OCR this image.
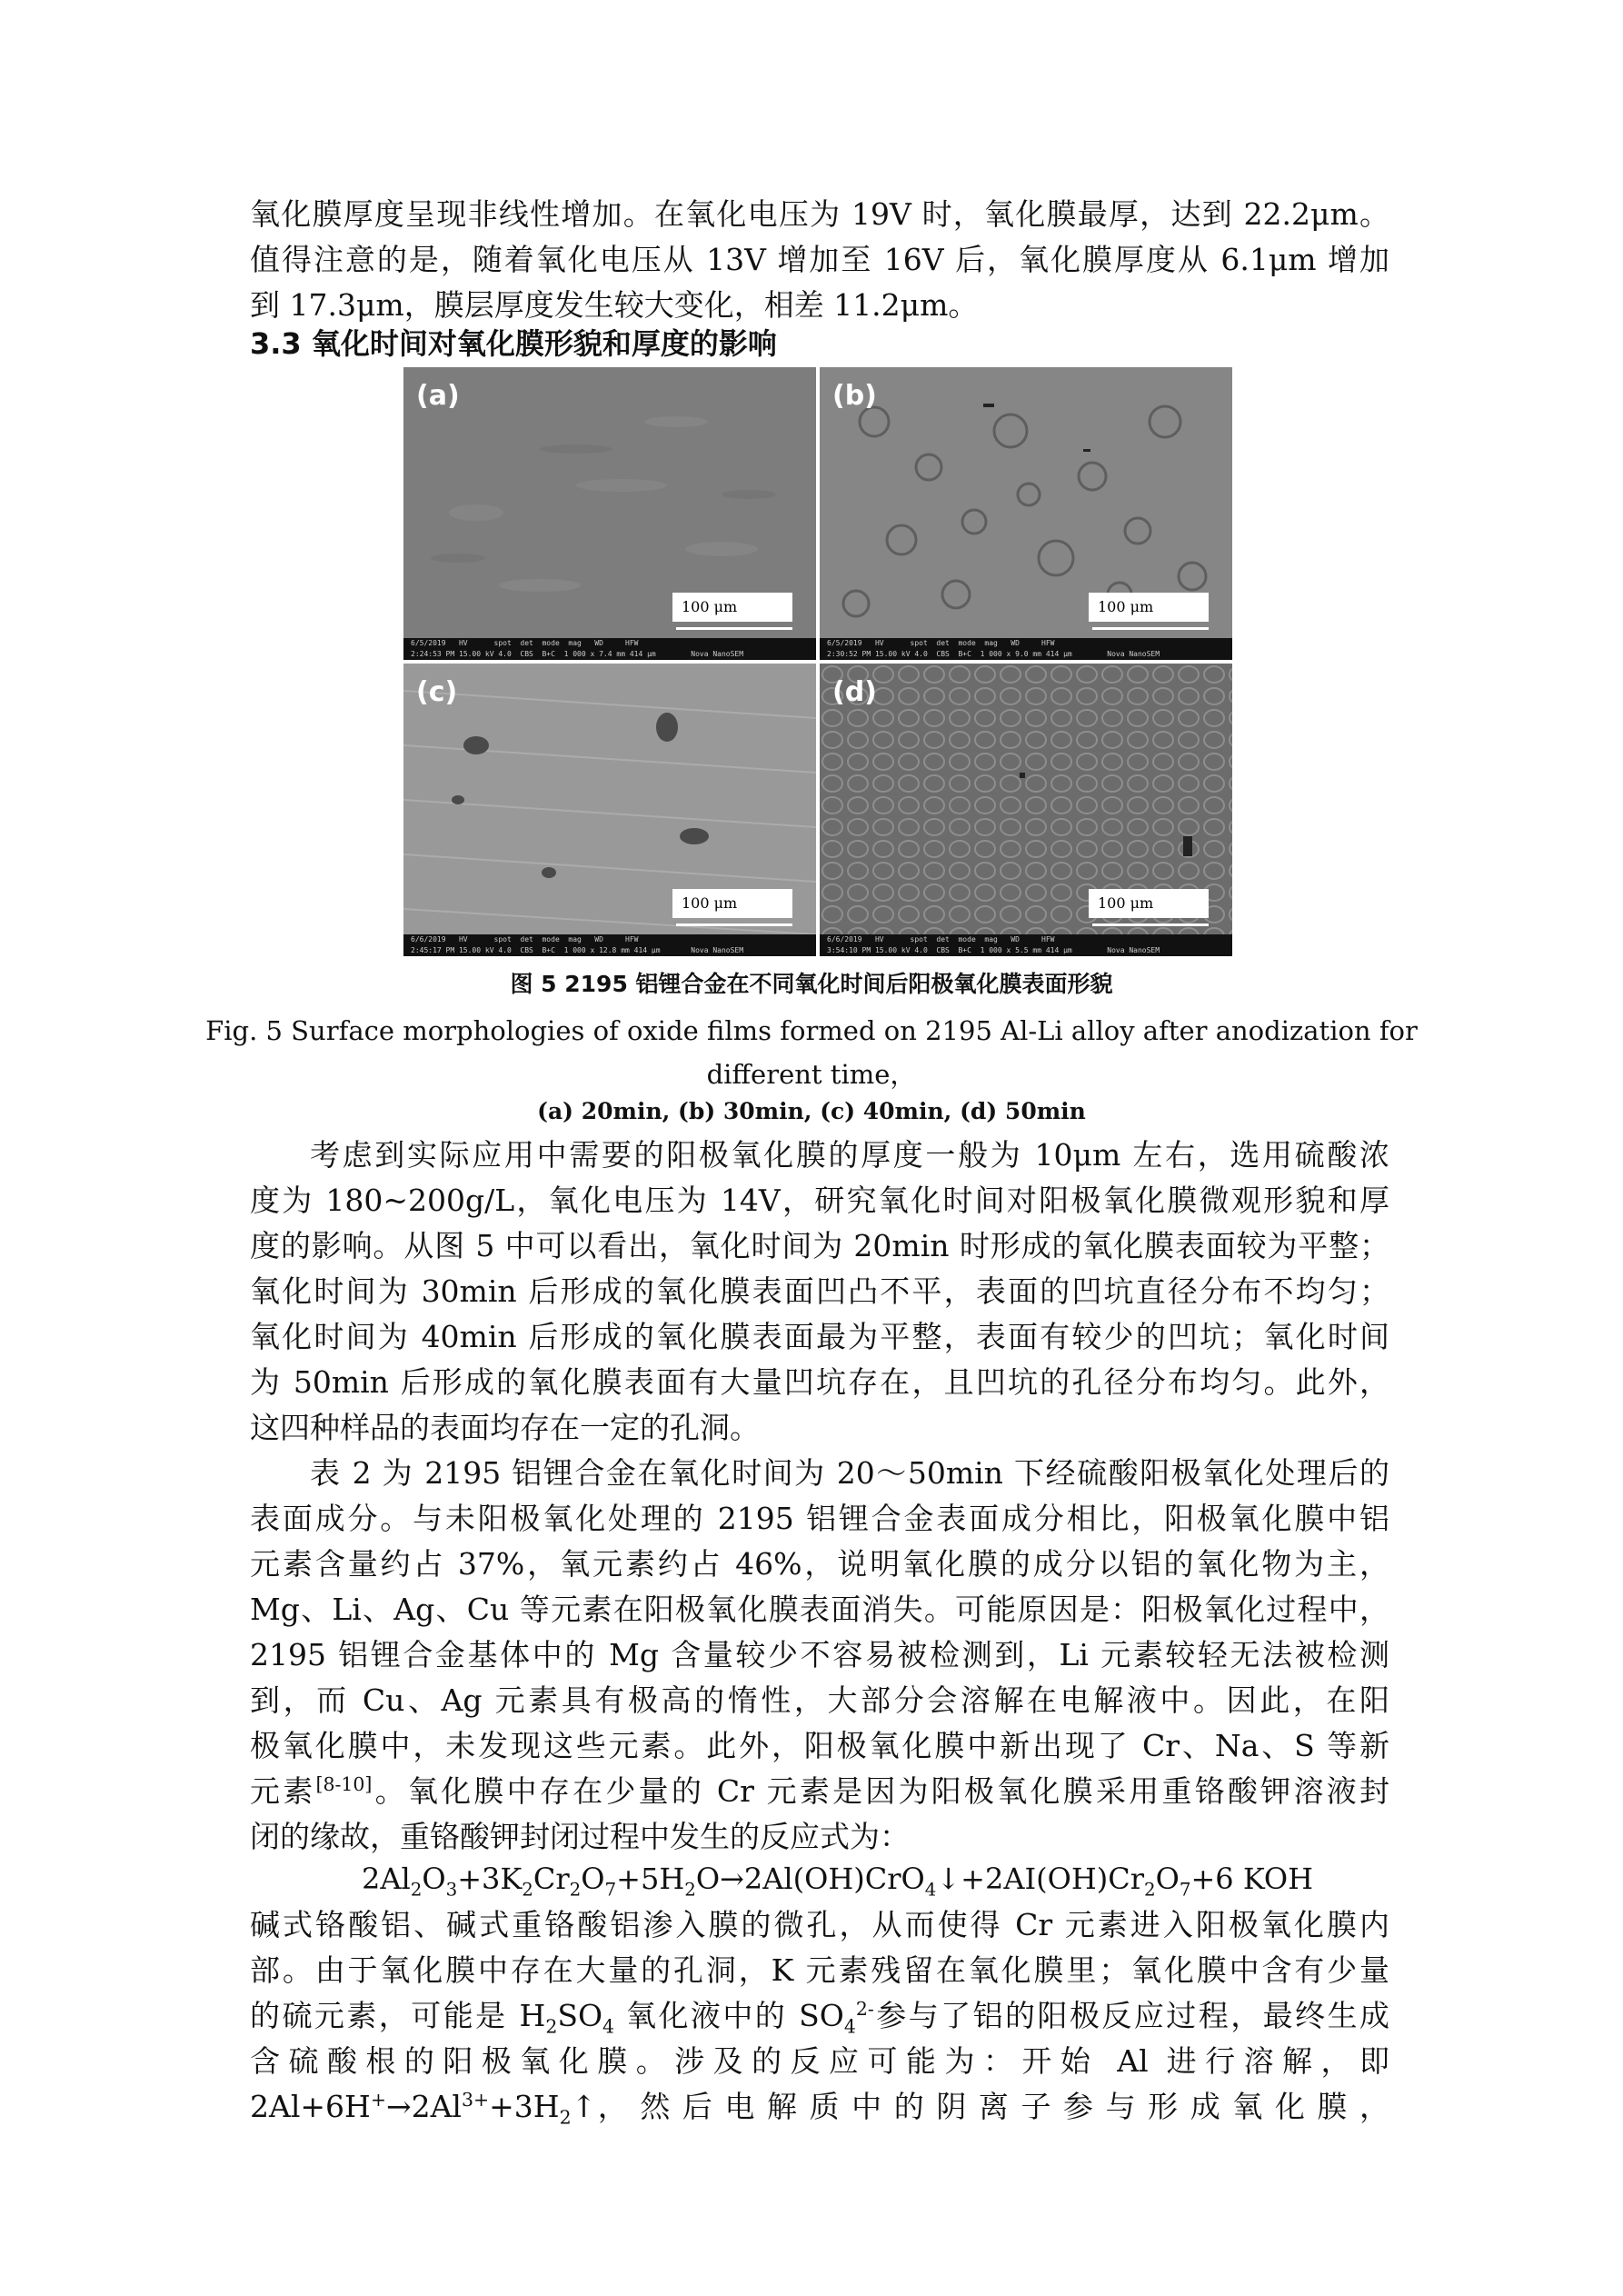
氧化膜厚度呈现非线性增加。在氧化电压为 19V 时，氧化膜最厚，达到 22.2μm。
值得注意的是，随着氧化电压从 13V 增加至 16V 后，氧化膜厚度从 6.1μm 增加
到 17.3μm，膜层厚度发生较大变化，相差 11.2μm。
3.3 氧化时间对氧化膜形貌和厚度的影响
(a)
100 μm
6/5/2019   HV      spot  det  mode  mag   WD     HFW
2:24:53 PM 15.00 kV 4.0  CBS  B+C  1 000 x 7.4 mm 414 μm        Nova NanoSEM
(b)
100 μm
6/5/2019   HV      spot  det  mode  mag   WD     HFW
2:30:52 PM 15.00 kV 4.0  CBS  B+C  1 000 x 9.0 mm 414 μm        Nova NanoSEM
(c)
100 μm
6/6/2019   HV      spot  det  mode  mag   WD     HFW
2:45:17 PM 15.00 kV 4.0  CBS  B+C  1 000 x 12.8 mm 414 μm       Nova NanoSEM
(d)
100 μm
6/6/2019   HV      spot  det  mode  mag   WD     HFW
3:54:10 PM 15.00 kV 4.0  CBS  B+C  1 000 x 5.5 mm 414 μm        Nova NanoSEM
图 5 2195 铝锂合金在不同氧化时间后阳极氧化膜表面形貌
Fig. 5 Surface morphologies of oxide films formed on 2195 Al-Li alloy after anodization for
different time，
(a) 20min, (b) 30min, (c) 40min, (d) 50min
考虑到实际应用中需要的阳极氧化膜的厚度一般为 10μm 左右，选用硫酸浓
度为 180~200g/L，氧化电压为 14V，研究氧化时间对阳极氧化膜微观形貌和厚
度的影响。从图 5 中可以看出，氧化时间为 20min 时形成的氧化膜表面较为平整；
氧化时间为 30min 后形成的氧化膜表面凹凸不平，表面的凹坑直径分布不均匀；
氧化时间为 40min 后形成的氧化膜表面最为平整，表面有较少的凹坑；氧化时间
为 50min 后形成的氧化膜表面有大量凹坑存在，且凹坑的孔径分布均匀。此外，
这四种样品的表面均存在一定的孔洞。
表 2 为 2195 铝锂合金在氧化时间为 20～50min 下经硫酸阳极氧化处理后的
表面成分。与未阳极氧化处理的 2195 铝锂合金表面成分相比，阳极氧化膜中铝
元素含量约占 37%，氧元素约占 46%，说明氧化膜的成分以铝的氧化物为主，
Mg、Li、Ag、Cu 等元素在阳极氧化膜表面消失。可能原因是：阳极氧化过程中，
2195 铝锂合金基体中的 Mg 含量较少不容易被检测到，Li 元素较轻无法被检测
到，而 Cu、Ag 元素具有极高的惰性，大部分会溶解在电解液中。因此，在阳
极氧化膜中，未发现这些元素。此外，阳极氧化膜中新出现了 Cr、Na、S 等新
元素[8-10]。氧化膜中存在少量的 Cr 元素是因为阳极氧化膜采用重铬酸钾溶液封
闭的缘故，重铬酸钾封闭过程中发生的反应式为：
$2Al_2O_3+3K_2Cr_2O_7+5H_2O\to 2Al(OH)CrO_4↓+2AI(OH)Cr_2O_7+6$ KOH
碱式铬酸铝、碱式重铬酸铝渗入膜的微孔，从而使得 Cr 元素进入阳极氧化膜内
部。由于氧化膜中存在大量的孔洞，K 元素残留在氧化膜里；氧化膜中含有少量
的硫元素，可能是 $H_2SO_4$ 氧化液中的 $SO_4^{2-}$参与了铝的阳极反应过程，最终生成
含硫酸根的阳极氧化膜。涉及的反应可能为：开始 Al 进行溶解，即
$2Al+6H^+\to 2Al^{3+}+3H_2↑$， 然 后 电 解 质 中 的 阴 离 子 参 与 形 成 氧 化 膜 ，
